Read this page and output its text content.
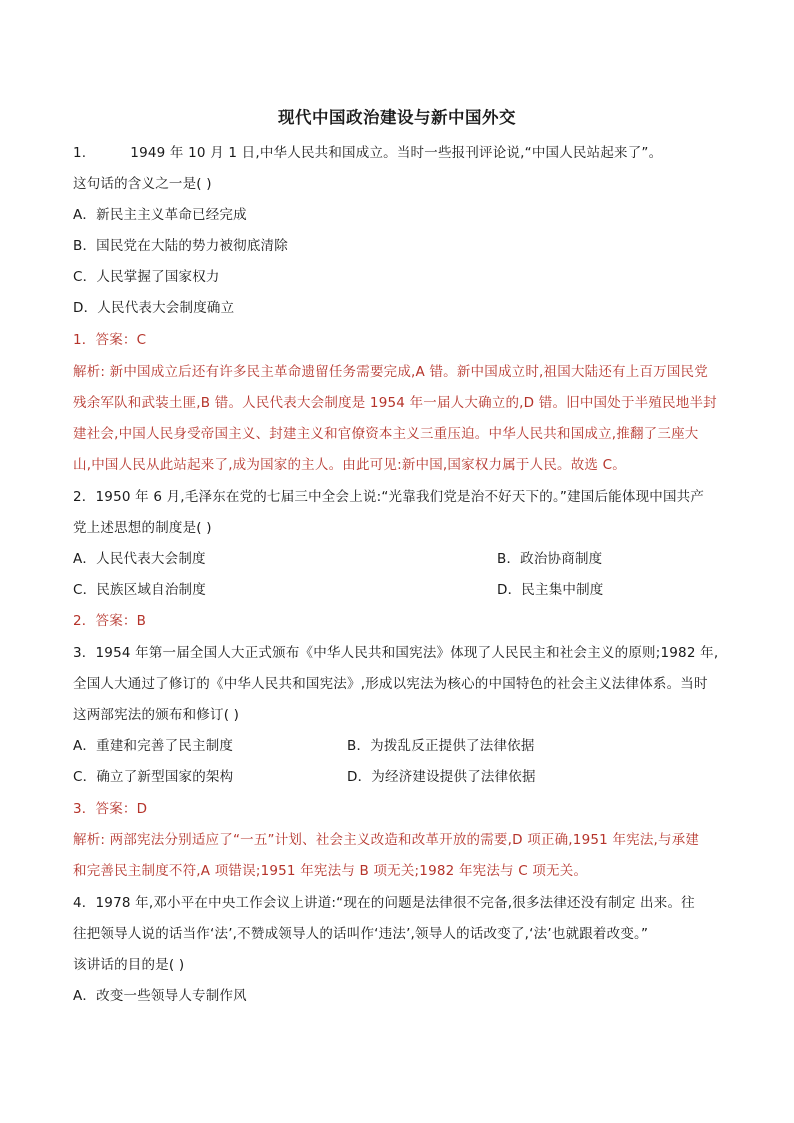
现代中国政治建设与新中国外交
1.	1949 年 10 月 1 日,中华人民共和国成立。当时一些报刊评论说,“中国人民站起来了”。
这句话的含义之一是( )
A．新民主主义革命已经完成
B．国民党在大陆的势力被彻底清除
C．人民掌握了国家权力
D．人民代表大会制度确立
1．答案：C
解析: 新中国成立后还有许多民主革命遗留任务需要完成,A 错。新中国成立时,祖国大陆还有上百万国民党
残余军队和武装土匪,B 错。人民代表大会制度是 1954 年一届人大确立的,D 错。旧中国处于半殖民地半封
建社会,中国人民身受帝国主义、封建主义和官僚资本主义三重压迫。中华人民共和国成立,推翻了三座大
山,中国人民从此站起来了,成为国家的主人。由此可见:新中国,国家权力属于人民。故选 C。
2．1950 年 6 月,毛泽东在党的七届三中全会上说:“光靠我们党是治不好天下的。”建国后能体现中国共产
党上述思想的制度是( )
A．人民代表大会制度	B．政治协商制度
C．民族区域自治制度	D．民主集中制度
2．答案：B
3．1954 年第一届全国人大正式颁布《中华人民共和国宪法》体现了人民民主和社会主义的原则;1982 年,
全国人大通过了修订的《中华人民共和国宪法》,形成以宪法为核心的中国特色的社会主义法律体系。当时
这两部宪法的颁布和修订( )
A．重建和完善了民主制度	B．为拨乱反正提供了法律依据
C．确立了新型国家的架构	D．为经济建设提供了法律依据
3．答案：D
解析: 两部宪法分别适应了“一五”计划、社会主义改造和改革开放的需要,D 项正确,1951 年宪法,与承建
和完善民主制度不符,A 项错误;1951 年宪法与 B 项无关;1982 年宪法与 C 项无关。
4．1978 年,邓小平在中央工作会议上讲道:“现在的问题是法律很不完备,很多法律还没有制定 出来。往
往把领导人说的话当作‘法’,不赞成领导人的话叫作‘违法’,领导人的话改变了,‘法’也就跟着改变。”
该讲话的目的是( )
A．改变一些领导人专制作风
